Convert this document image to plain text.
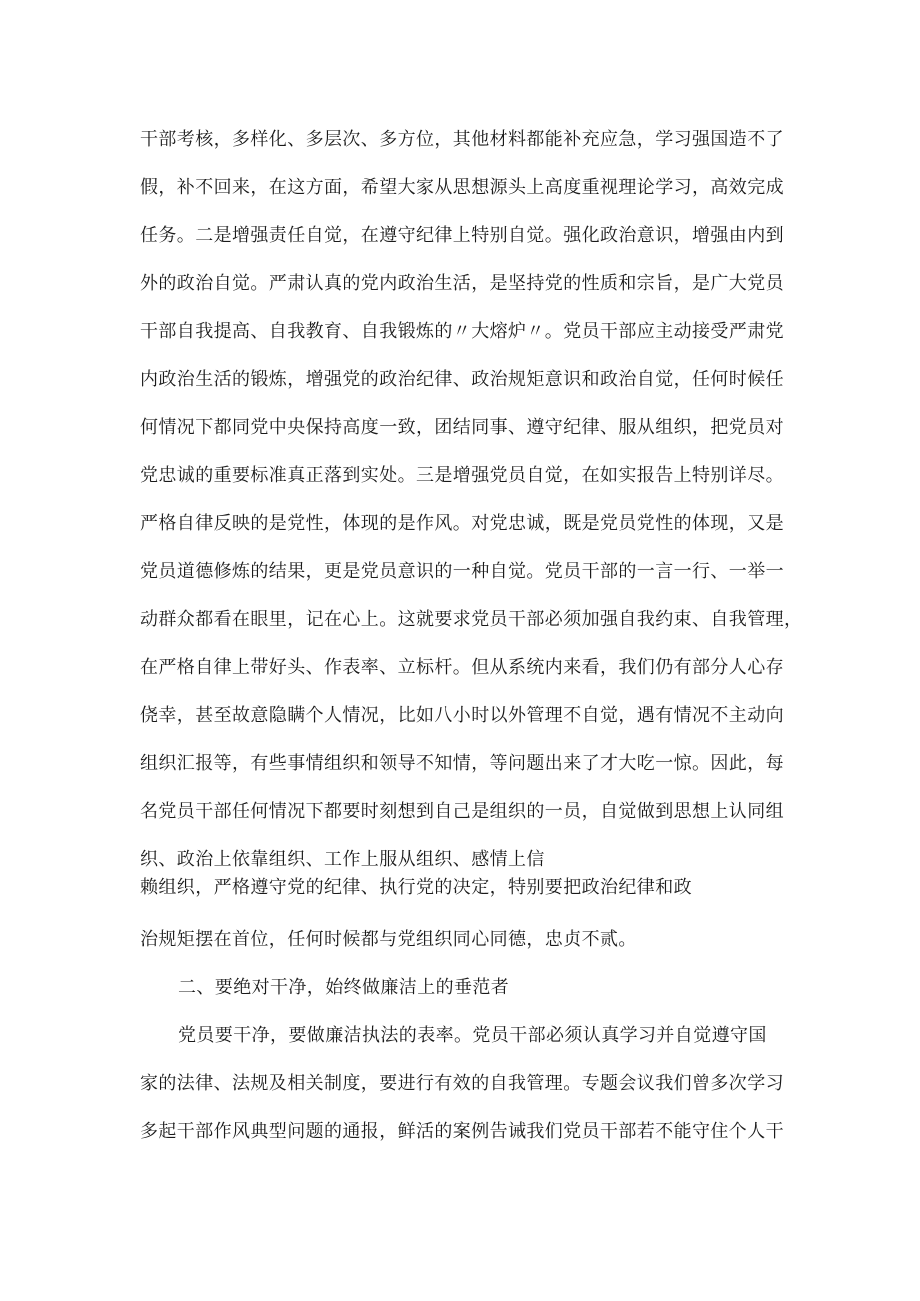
干部考核，多样化、多层次、多方位，其他材料都能补充应急，学习强国造不了
假，补不回来，在这方面，希望大家从思想源头上高度重视理论学习，高效完成
任务。二是增强责任自觉，在遵守纪律上特别自觉。强化政治意识，增强由内到
外的政治自觉。严肃认真的党内政治生活，是坚持党的性质和宗旨，是广大党员
干部自我提高、自我教育、自我锻炼的〃大熔炉〃。党员干部应主动接受严肃党
内政治生活的锻炼，增强党的政治纪律、政治规矩意识和政治自觉，任何时候任
何情况下都同党中央保持高度一致，团结同事、遵守纪律、服从组织，把党员对
党忠诚的重要标准真正落到实处。三是增强党员自觉，在如实报告上特别详尽。
严格自律反映的是党性，体现的是作风。对党忠诚，既是党员党性的体现，又是
党员道德修炼的结果，更是党员意识的一种自觉。党员干部的一言一行、一举一
动群众都看在眼里，记在心上。这就要求党员干部必须加强自我约束、自我管理，
在严格自律上带好头、作表率、立标杆。但从系统内来看，我们仍有部分人心存
侥幸，甚至故意隐瞒个人情况，比如八小时以外管理不自觉，遇有情况不主动向
组织汇报等，有些事情组织和领导不知情，等问题出来了才大吃一惊。因此，每
名党员干部任何情况下都要时刻想到自己是组织的一员，自觉做到思想上认同组
织、政治上依靠组织、工作上服从组织、感情上信
赖组织，严格遵守党的纪律、执行党的决定，特别要把政治纪律和政
治规矩摆在首位，任何时候都与党组织同心同德，忠贞不贰。
二、要绝对干净，始终做廉洁上的垂范者
党员要干净，要做廉洁执法的表率。党员干部必须认真学习并自觉遵守国
家的法律、法规及相关制度，要进行有效的自我管理。专题会议我们曾多次学习
多起干部作风典型问题的通报，鲜活的案例告诫我们党员干部若不能守住个人干
